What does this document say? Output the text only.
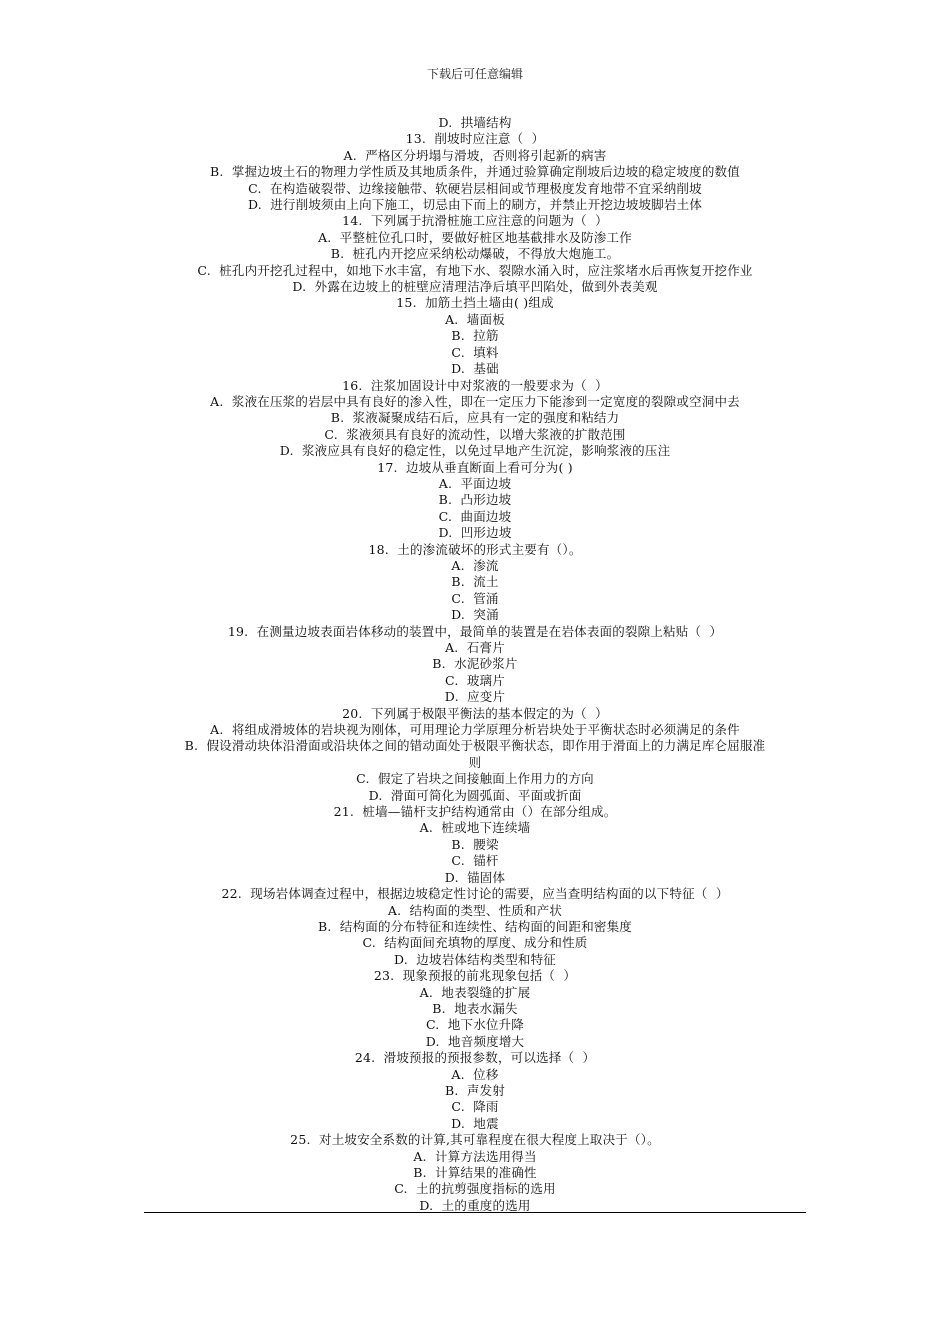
下载后可任意编辑
D.  拱墙结构
13.  削坡时应注意（  ）
A.  严格区分坍塌与滑坡，否则将引起新的病害
B.  掌握边坡土石的物理力学性质及其地质条件，并通过验算确定削坡后边坡的稳定坡度的数值
C.  在构造破裂带、边缘接触带、软硬岩层相间或节理极度发育地带不宜采纳削坡
D.  进行削坡须由上向下施工，切忌由下而上的刷方，并禁止开挖边坡坡脚岩土体
14.  下列属于抗滑桩施工应注意的问题为（  ）
A.  平整桩位孔口时，要做好桩区地基截排水及防渗工作
B.  桩孔内开挖应采纳松动爆破，不得放大炮施工。
C.  桩孔内开挖孔过程中，如地下水丰富，有地下水、裂隙水涌入时，应注浆堵水后再恢复开挖作业
D.  外露在边坡上的桩壁应清理洁净后填平凹陷处，做到外表美观
15.  加筋土挡土墙由( )组成
A.  墙面板
B.  拉筋
C.  填料
D.  基础
16.  注浆加固设计中对浆液的一般要求为（  ）
A.  浆液在压浆的岩层中具有良好的渗入性，即在一定压力下能渗到一定宽度的裂隙或空洞中去
B.  浆液凝聚成结石后，应具有一定的强度和粘结力
C.  浆液须具有良好的流动性，以增大浆液的扩散范围
D.  浆液应具有良好的稳定性，以免过早地产生沉淀，影响浆液的压注
17.  边坡从垂直断面上看可分为( )
A.  平面边坡
B.  凸形边坡
C.  曲面边坡
D.  凹形边坡
18.  土的渗流破坏的形式主要有（）。
A.  渗流
B.  流土
C.  管涌
D.  突涌
19.  在测量边坡表面岩体移动的装置中，最简单的装置是在岩体表面的裂隙上粘贴（  ）
A.  石膏片
B.  水泥砂浆片
C.  玻璃片
D.  应变片
20.  下列属于极限平衡法的基本假定的为（  ）
A.  将组成滑坡体的岩块视为刚体，可用理论力学原理分析岩块处于平衡状态时必须满足的条件
B.  假设滑动块体沿滑面或沿块体之间的错动面处于极限平衡状态，即作用于滑面上的力满足库仑屈服准
则
C.  假定了岩块之间接触面上作用力的方向
D.  滑面可简化为圆弧面、平面或折面
21.  桩墙—锚杆支护结构通常由（）在部分组成。
A.  桩或地下连续墙
B.  腰梁
C.  锚杆
D.  锚固体
22.  现场岩体调查过程中，根据边坡稳定性讨论的需要，应当查明结构面的以下特征（  ）
A.  结构面的类型、性质和产状
B.  结构面的分布特征和连续性、结构面的间距和密集度
C.  结构面间充填物的厚度、成分和性质
D.  边坡岩体结构类型和特征
23.  现象预报的前兆现象包括（  ）
A.  地表裂缝的扩展
B.  地表水漏失
C.  地下水位升降
D.  地音频度增大
24.  滑坡预报的预报参数，可以选择（  ）
A.  位移
B.  声发射
C.  降雨
D.  地震
25.  对土坡安全系数的计算,其可靠程度在很大程度上取决于（）。
A.  计算方法选用得当
B.  计算结果的准确性
C.  土的抗剪强度指标的选用
D.  土的重度的选用
